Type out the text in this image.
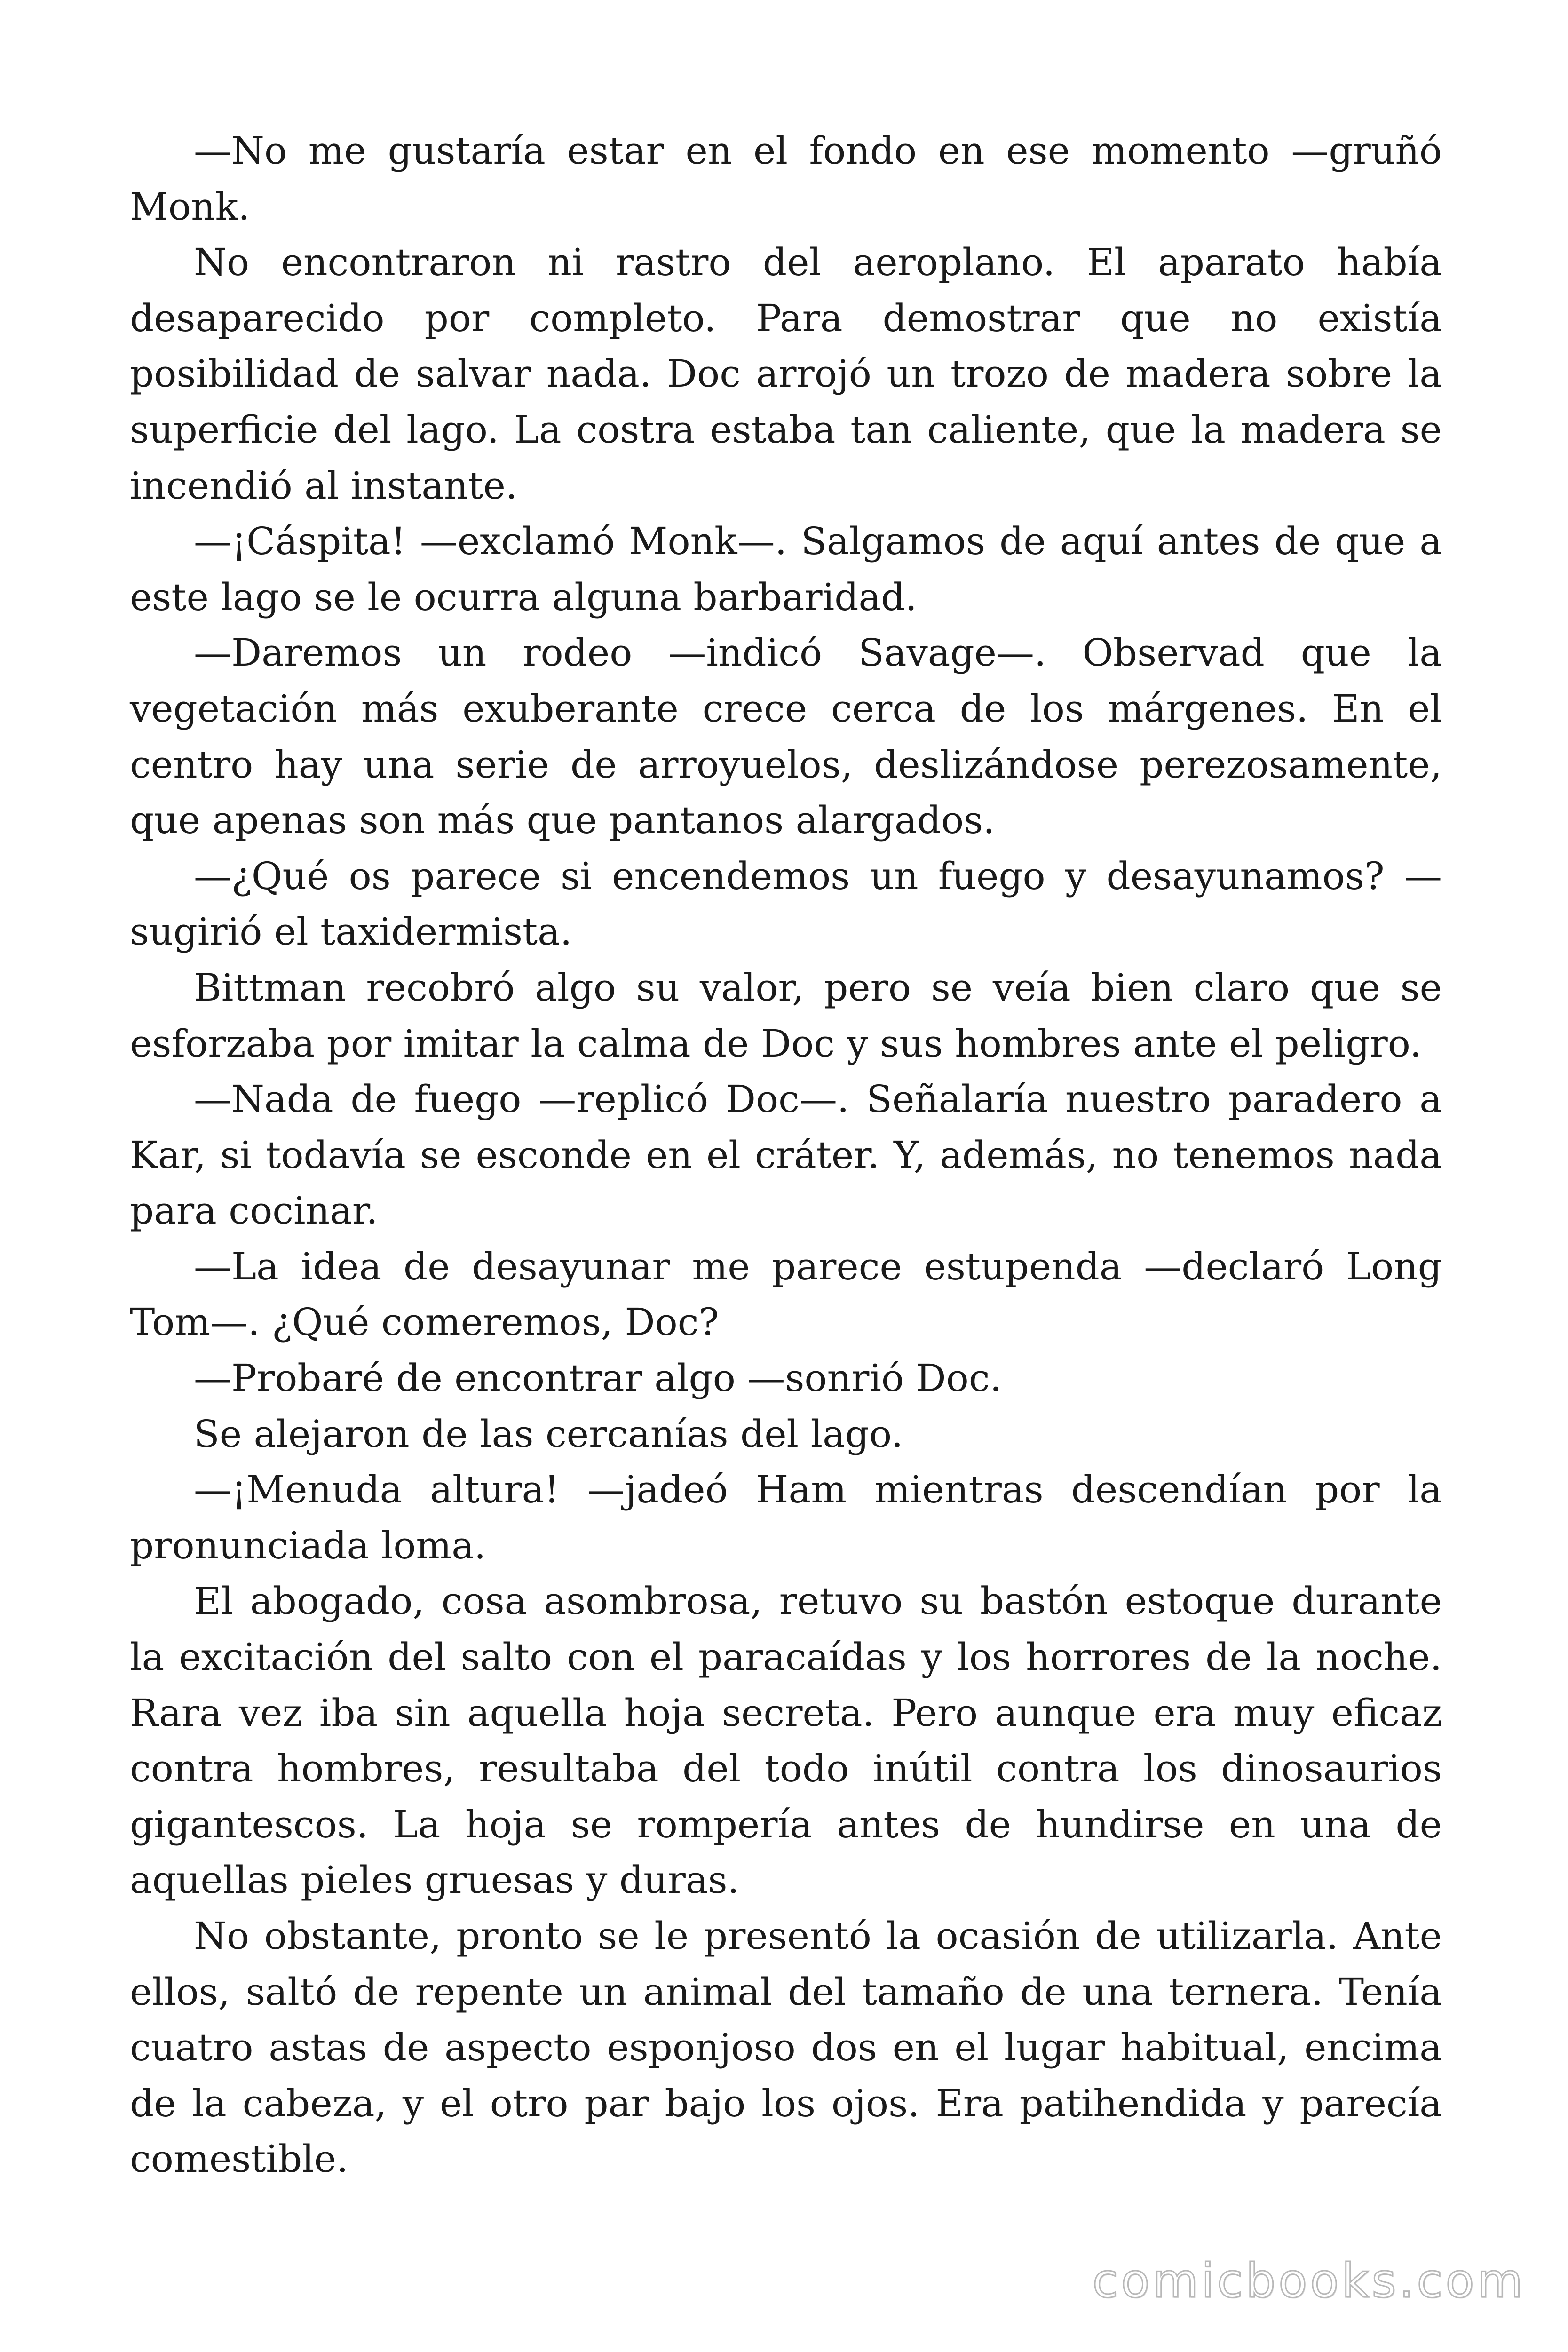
—No me gustaría estar en el fondo en ese momento —gruñó Monk.

No encontraron ni rastro del aeroplano. El aparato había desaparecido por completo. Para demostrar que no existía posibilidad de salvar nada. Doc arrojó un trozo de madera sobre la superficie del lago. La costra estaba tan caliente, que la madera se incendió al instante.

—¡Cáspita! —exclamó Monk—. Salgamos de aquí antes de que a este lago se le ocurra alguna barbaridad.

—Daremos un rodeo —indicó Savage—. Observad que la vegetación más exuberante crece cerca de los márgenes. En el centro hay una serie de arroyuelos, deslizándose perezosamente, que apenas son más que pantanos alargados.

—¿Qué os parece si encendemos un fuego y desayunamos? —sugirió el taxidermista.

Bittman recobró algo su valor, pero se veía bien claro que se esforzaba por imitar la calma de Doc y sus hombres ante el peligro.

—Nada de fuego —replicó Doc—. Señalaría nuestro paradero a Kar, si todavía se esconde en el cráter. Y, además, no tenemos nada para cocinar.

—La idea de desayunar me parece estupenda —declaró Long Tom—. ¿Qué comeremos, Doc?

—Probaré de encontrar algo —sonrió Doc.

Se alejaron de las cercanías del lago.

—¡Menuda altura! —jadeó Ham mientras descendían por la pronunciada loma.

El abogado, cosa asombrosa, retuvo su bastón estoque durante la excitación del salto con el paracaídas y los horrores de la noche. Rara vez iba sin aquella hoja secreta. Pero aunque era muy eficaz contra hombres, resultaba del todo inútil contra los dinosaurios gigantescos. La hoja se rompería antes de hundirse en una de aquellas pieles gruesas y duras.

No obstante, pronto se le presentó la ocasión de utilizarla. Ante ellos, saltó de repente un animal del tamaño de una ternera. Tenía cuatro astas de aspecto esponjoso dos en el lugar habitual, encima de la cabeza, y el otro par bajo los ojos. Era patihendida y parecía comestible.

comicbooks.com
